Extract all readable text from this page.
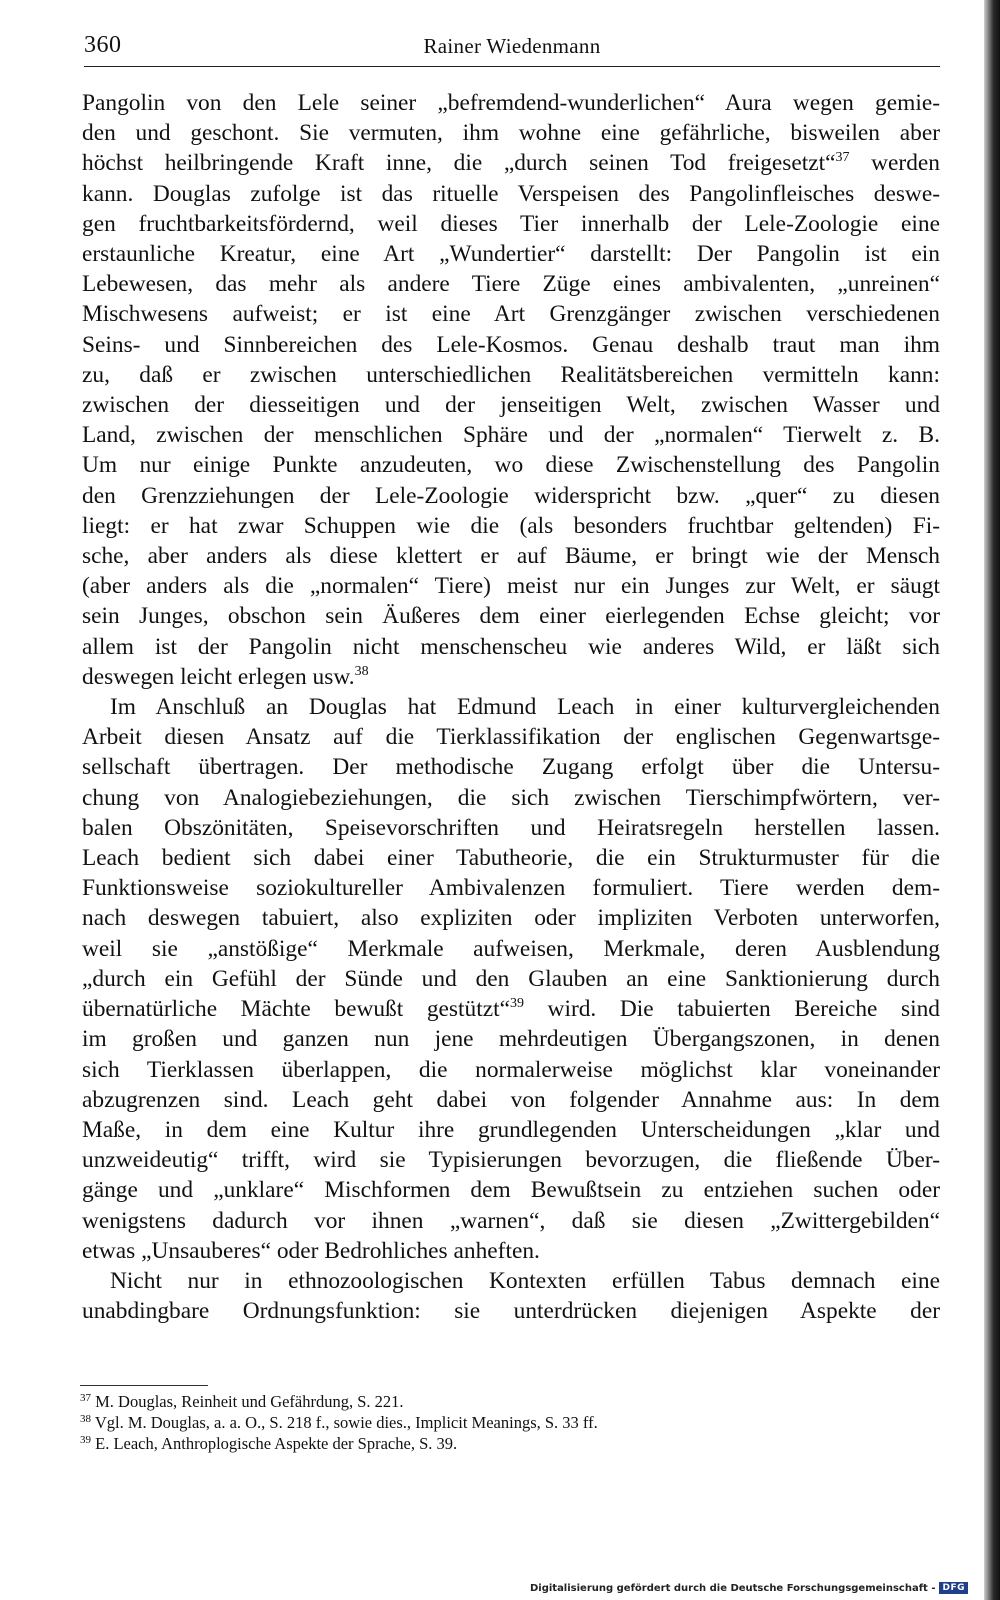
360	Rainer Wiedenmann

Pangolin von den Lele seiner „befremdend-wunderlichen“ Aura wegen gemie-
den und geschont. Sie vermuten, ihm wohne eine gefährliche, bisweilen aber
höchst heilbringende Kraft inne, die „durch seinen Tod freigesetzt“$^{37}$ werden
kann. Douglas zufolge ist das rituelle Verspeisen des Pangolinfleisches deswe-
gen fruchtbarkeitsfördernd, weil dieses Tier innerhalb der Lele-Zoologie eine
erstaunliche Kreatur, eine Art „Wundertier“ darstellt: Der Pangolin ist ein
Lebewesen, das mehr als andere Tiere Züge eines ambivalenten, „unreinen“
Mischwesens aufweist; er ist eine Art Grenzgänger zwischen verschiedenen
Seins- und Sinnbereichen des Lele-Kosmos. Genau deshalb traut man ihm
zu, daß er zwischen unterschiedlichen Realitätsbereichen vermitteln kann:
zwischen der diesseitigen und der jenseitigen Welt, zwischen Wasser und
Land, zwischen der menschlichen Sphäre und der „normalen“ Tierwelt z. B.
Um nur einige Punkte anzudeuten, wo diese Zwischenstellung des Pangolin
den Grenzziehungen der Lele-Zoologie widerspricht bzw. „quer“ zu diesen
liegt: er hat zwar Schuppen wie die (als besonders fruchtbar geltenden) Fi-
sche, aber anders als diese klettert er auf Bäume, er bringt wie der Mensch
(aber anders als die „normalen“ Tiere) meist nur ein Junges zur Welt, er säugt
sein Junges, obschon sein Äußeres dem einer eierlegenden Echse gleicht; vor
allem ist der Pangolin nicht menschenscheu wie anderes Wild, er läßt sich
deswegen leicht erlegen usw.$^{38}$

Im Anschluß an Douglas hat Edmund Leach in einer kulturvergleichenden
Arbeit diesen Ansatz auf die Tierklassifikation der englischen Gegenwartsge-
sellschaft übertragen. Der methodische Zugang erfolgt über die Untersu-
chung von Analogiebeziehungen, die sich zwischen Tierschimpfwörtern, ver-
balen Obszönitäten, Speisevorschriften und Heiratsregeln herstellen lassen.
Leach bedient sich dabei einer Tabutheorie, die ein Strukturmuster für die
Funktionsweise soziokultureller Ambivalenzen formuliert. Tiere werden dem-
nach deswegen tabuiert, also expliziten oder impliziten Verboten unterworfen,
weil sie „anstößige“ Merkmale aufweisen, Merkmale, deren Ausblendung
„durch ein Gefühl der Sünde und den Glauben an eine Sanktionierung durch
übernatürliche Mächte bewußt gestützt“$^{39}$ wird. Die tabuierten Bereiche sind
im großen und ganzen nun jene mehrdeutigen Übergangszonen, in denen
sich Tierklassen überlappen, die normalerweise möglichst klar voneinander
abzugrenzen sind. Leach geht dabei von folgender Annahme aus: In dem
Maße, in dem eine Kultur ihre grundlegenden Unterscheidungen „klar und
unzweideutig“ trifft, wird sie Typisierungen bevorzugen, die fließende Über-
gänge und „unklare“ Mischformen dem Bewußtsein zu entziehen suchen oder
wenigstens dadurch vor ihnen „warnen“, daß sie diesen „Zwittergebilden“
etwas „Unsauberes“ oder Bedrohliches anheften.

Nicht nur in ethnozoologischen Kontexten erfüllen Tabus demnach eine
unabdingbare Ordnungsfunktion: sie unterdrücken diejenigen Aspekte der

$^{37}$ M. Douglas, Reinheit und Gefährdung, S. 221.
$^{38}$ Vgl. M. Douglas, a. a. O., S. 218 f., sowie dies., Implicit Meanings, S. 33 ff.
$^{39}$ E. Leach, Anthroplogische Aspekte der Sprache, S. 39.
Digitalisierung gefördert durch die Deutsche Forschungsgemeinschaft - DFG
